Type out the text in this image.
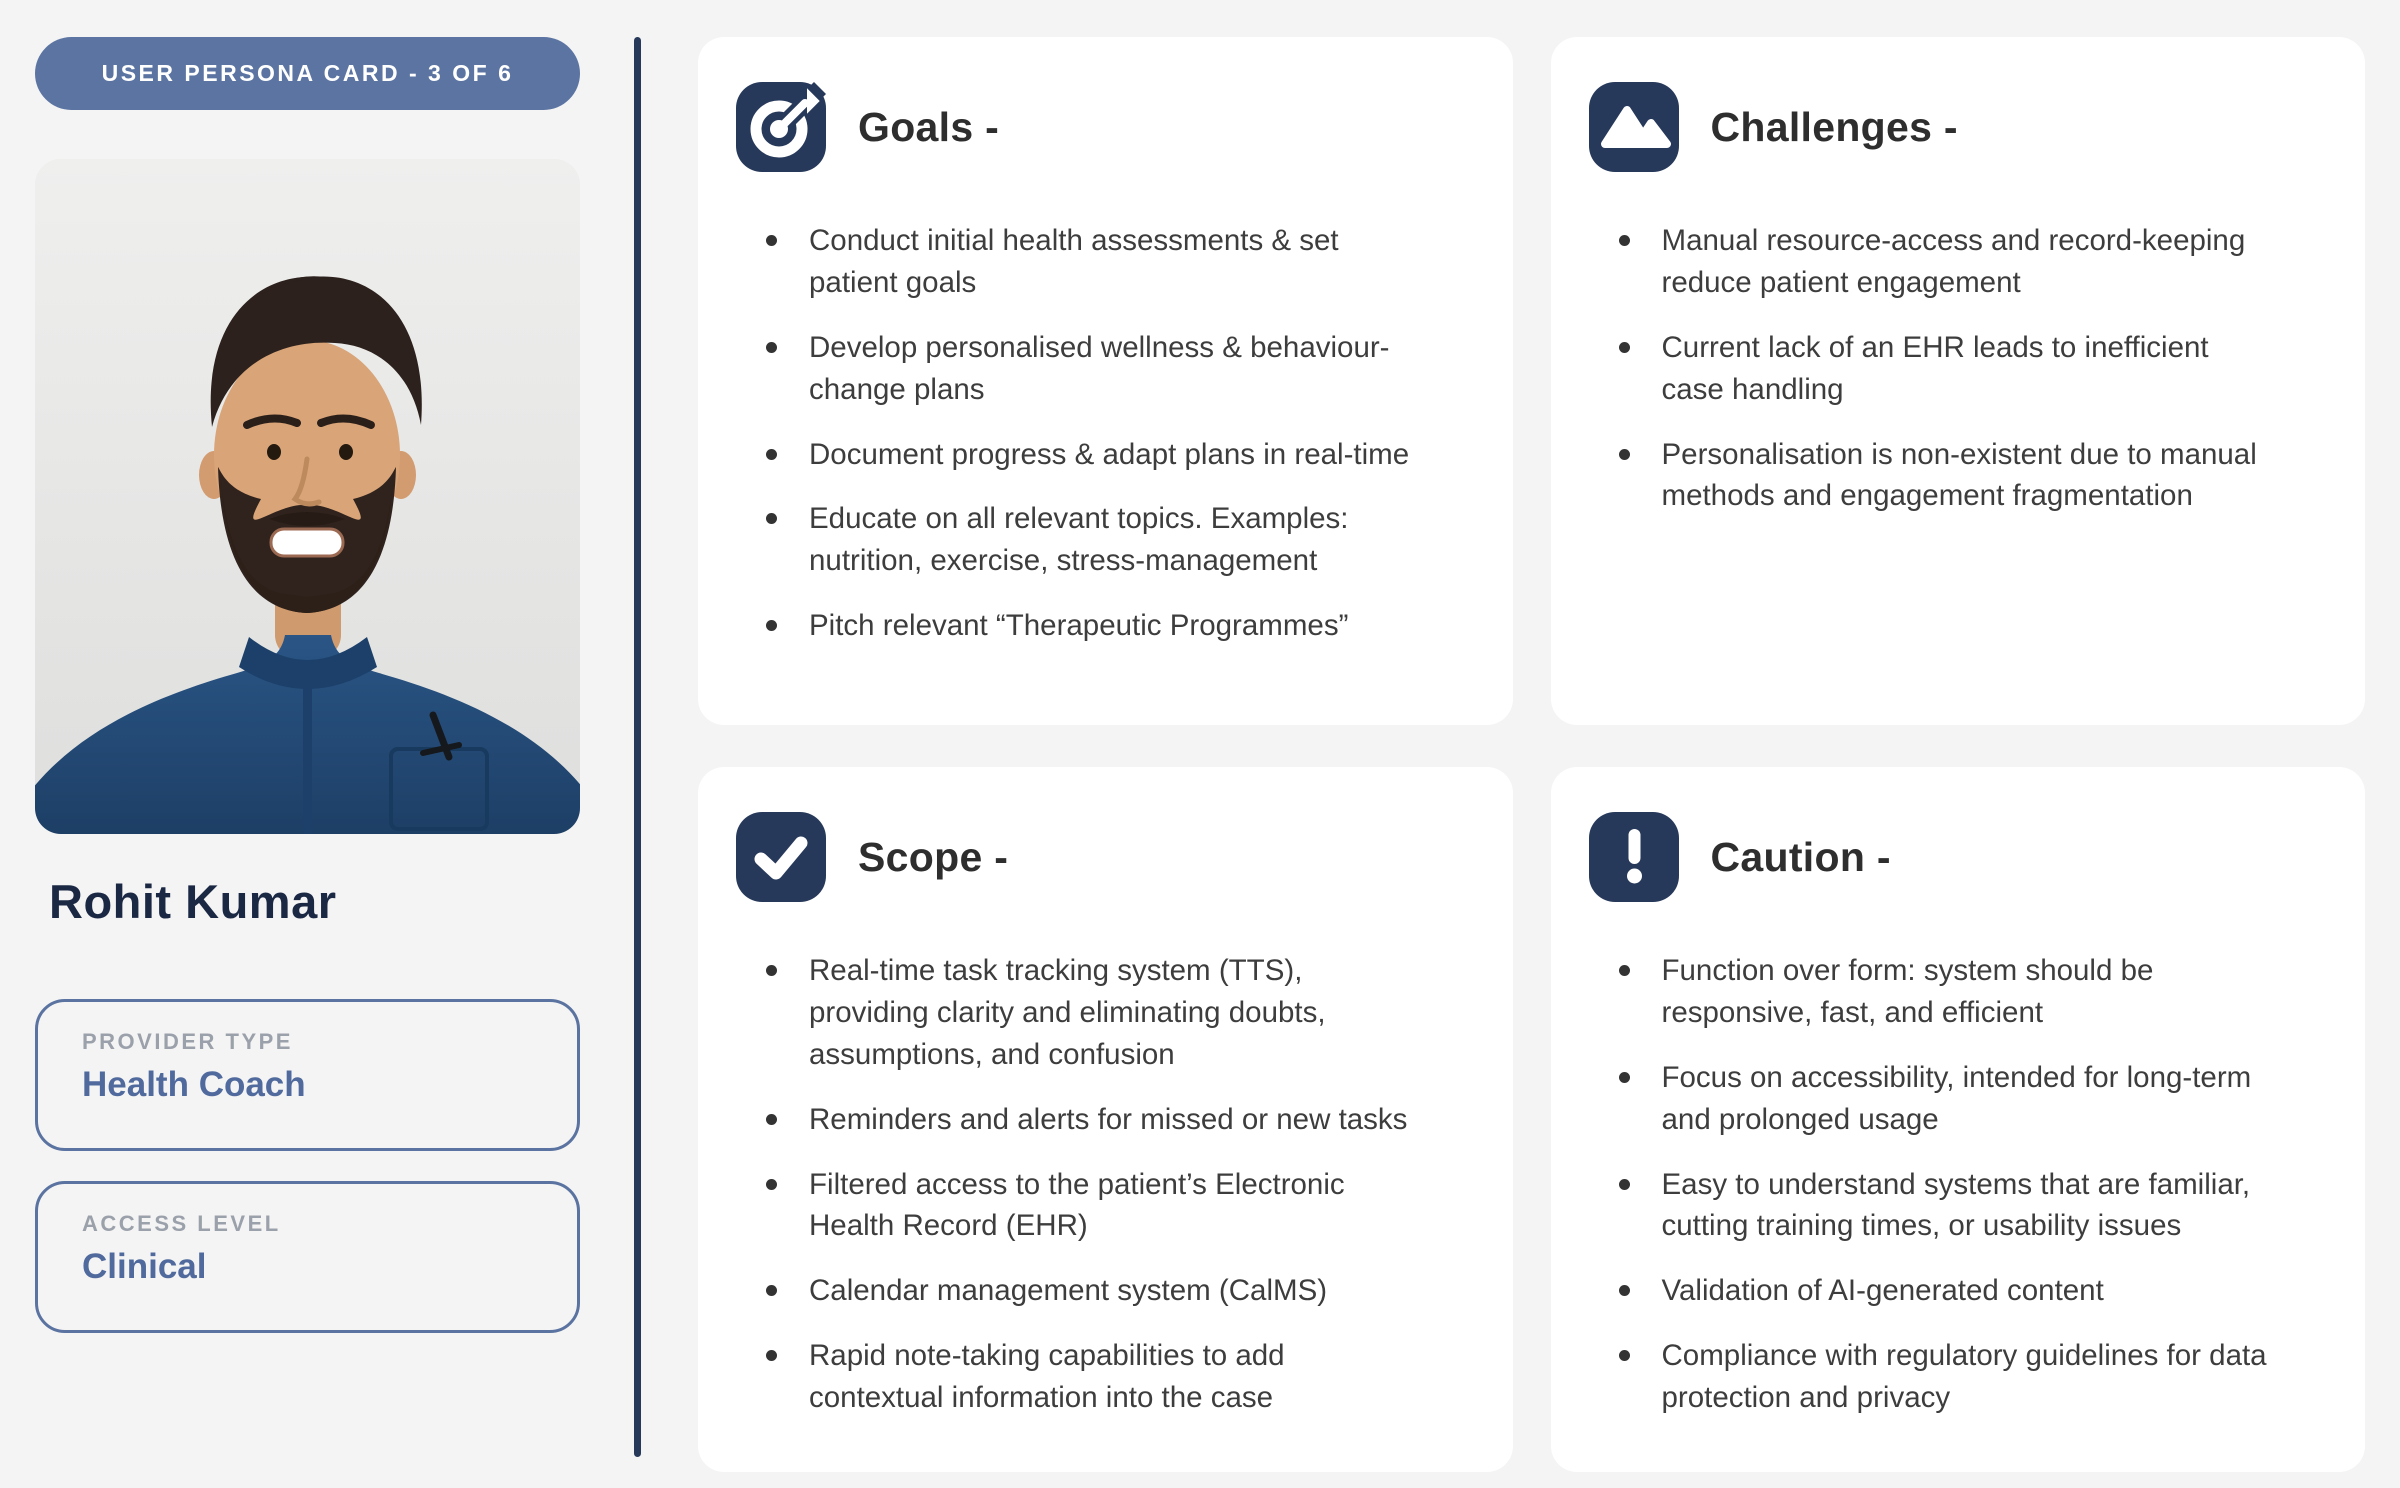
USER PERSONA CARD - 3 OF 6
Rohit Kumar
PROVIDER TYPE
Health Coach
ACCESS LEVEL
Clinical
Goals -
Conduct initial health assessments & set patient goals
Develop personalised wellness & behaviour-change plans
Document progress & adapt plans in real-time
Educate on all relevant topics. Examples: nutrition, exercise, stress-management
Pitch relevant “Therapeutic Programmes”
Challenges -
Manual resource-access and record-keeping reduce patient engagement
Current lack of an EHR leads to inefficient case handling
Personalisation is non-existent due to manual methods and engagement fragmentation
Scope -
Real-time task tracking system (TTS), providing clarity and eliminating doubts, assumptions, and confusion
Reminders and alerts for missed or new tasks
Filtered access to the patient’s Electronic Health Record (EHR)
Calendar management system (CalMS)
Rapid note-taking capabilities to add contextual information into the case
Caution -
Function over form: system should be responsive, fast, and efficient
Focus on accessibility, intended for long-term and prolonged usage
Easy to understand systems that are familiar, cutting training times, or usability issues
Validation of AI-generated content
Compliance with regulatory guidelines for data protection and privacy
